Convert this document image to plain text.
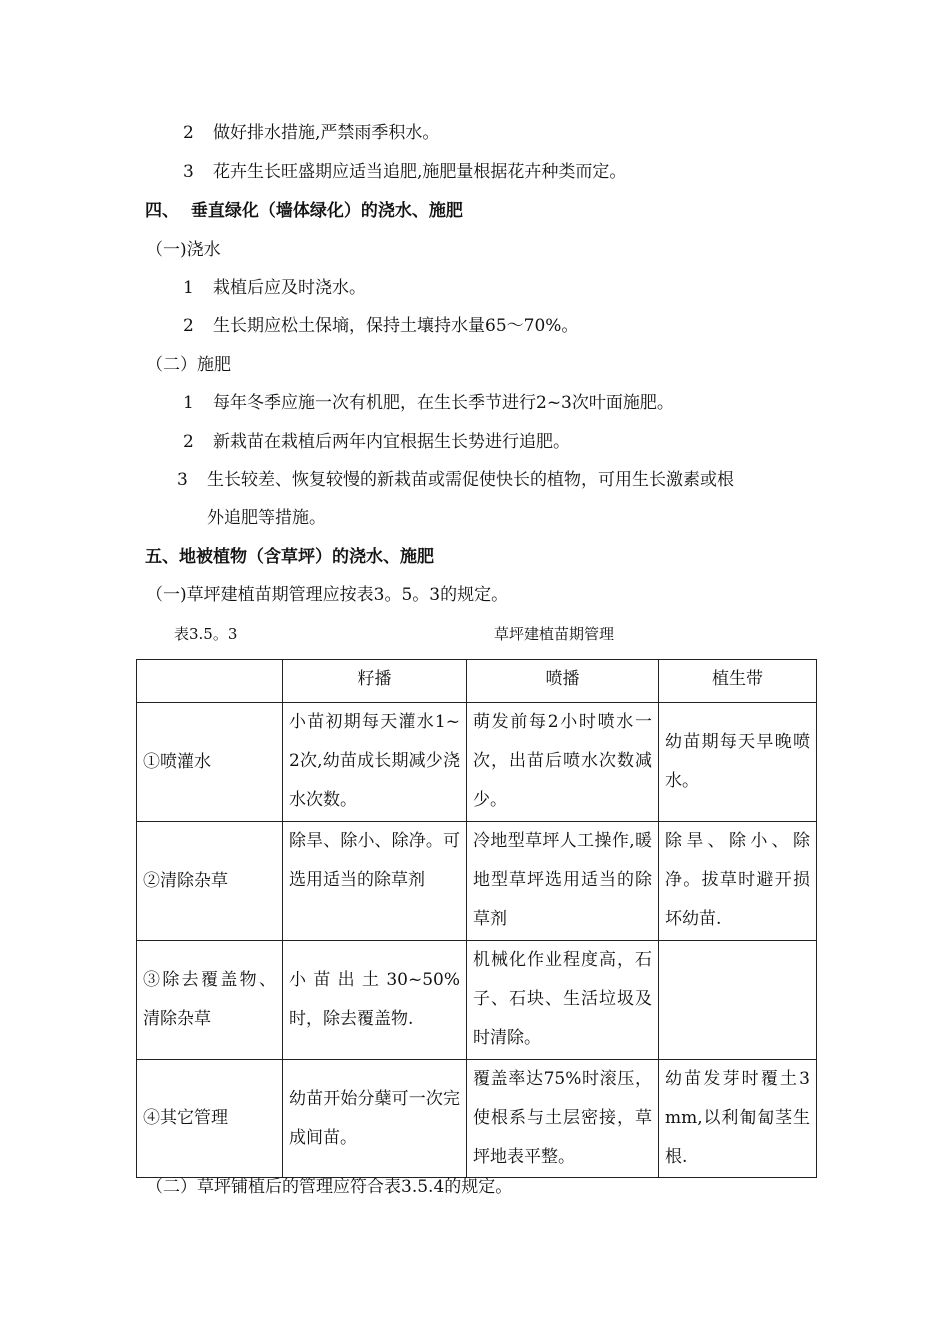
2 做好排水措施,严禁雨季积水。
3 花卉生长旺盛期应适当追肥,施肥量根据花卉种类而定。
四、  垂直绿化（墙体绿化）的浇水、施肥
（一)浇水
1 栽植后应及时浇水。
2 生长期应松土保墒，保持土壤持水量65～70%。
（二）施肥
1 每年冬季应施一次有机肥，在生长季节进行2~3次叶面施肥。
2 新栽苗在栽植后两年内宜根据生长势进行追肥。
3 生长较差、恢复较慢的新栽苗或需促使快长的植物，可用生长激素或根
外追肥等措施。
五、地被植物（含草坪）的浇水、施肥
（一)草坪建植苗期管理应按表3。5。3的规定。
表3.5。3	草坪建植苗期管理
	籽播	喷播	植生带
①喷灌水	小苗初期每天灌水1~2次,幼苗成长期减少浇水次数。	萌发前每2小时喷水一次，出苗后喷水次数减少。	幼苗期每天早晚喷水。
②清除杂草	除旱、除小、除净。可选用适当的除草剂	冷地型草坪人工操作,暖地型草坪选用适当的除草剂	除旱、除小、除净。拔草时避开损坏幼苗.
③除去覆盖物、清除杂草	小苗出土30~50%时，除去覆盖物.	机械化作业程度高，石子、石块、生活垃圾及时清除。	
④其它管理	幼苗开始分蘖可一次完成间苗。	覆盖率达75%时滚压，使根系与土层密接，草坪地表平整。	幼苗发芽时覆土3mm,以利匍匐茎生根.
（二）草坪铺植后的管理应符合表3.5.4的规定。
